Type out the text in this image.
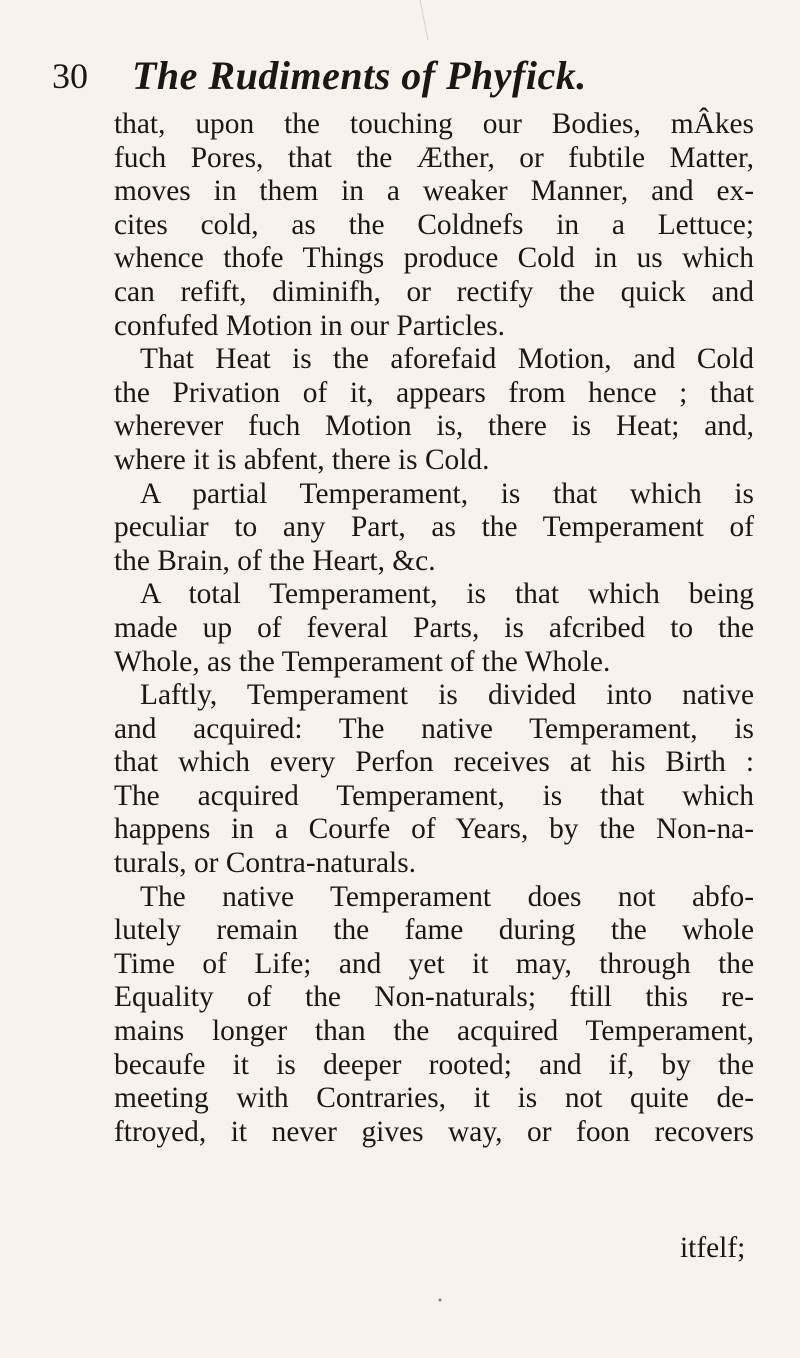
30 The Rudiments of Phyfick.
that, upon the touching our Bodies, mÂkes
fuch Pores, that the Æther, or fubtile Matter,
moves in them in a weaker Manner, and ex-
cites cold, as the Coldnefs in a Lettuce;
whence thofe Things produce Cold in us which
can refift, diminifh, or rectify the quick and
confufed Motion in our Particles.
That Heat is the aforefaid Motion, and Cold
the Privation of it, appears from hence ; that
wherever fuch Motion is, there is Heat; and,
where it is abfent, there is Cold.
A partial Temperament, is that which is
peculiar to any Part, as the Temperament of
the Brain, of the Heart, &c.
A total Temperament, is that which being
made up of feveral Parts, is afcribed to the
Whole, as the Temperament of the Whole.
Laftly, Temperament is divided into native
and acquired: The native Temperament, is
that which every Perfon receives at his Birth :
The acquired Temperament, is that which
happens in a Courfe of Years, by the Non-na-
turals, or Contra-naturals.
The native Temperament does not abfo-
lutely remain the fame during the whole
Time of Life; and yet it may, through the
Equality of the Non-naturals; ftill this re-
mains longer than the acquired Temperament,
becaufe it is deeper rooted; and if, by the
meeting with Contraries, it is not quite de-
ftroyed, it never gives way, or foon recovers
itfelf;
